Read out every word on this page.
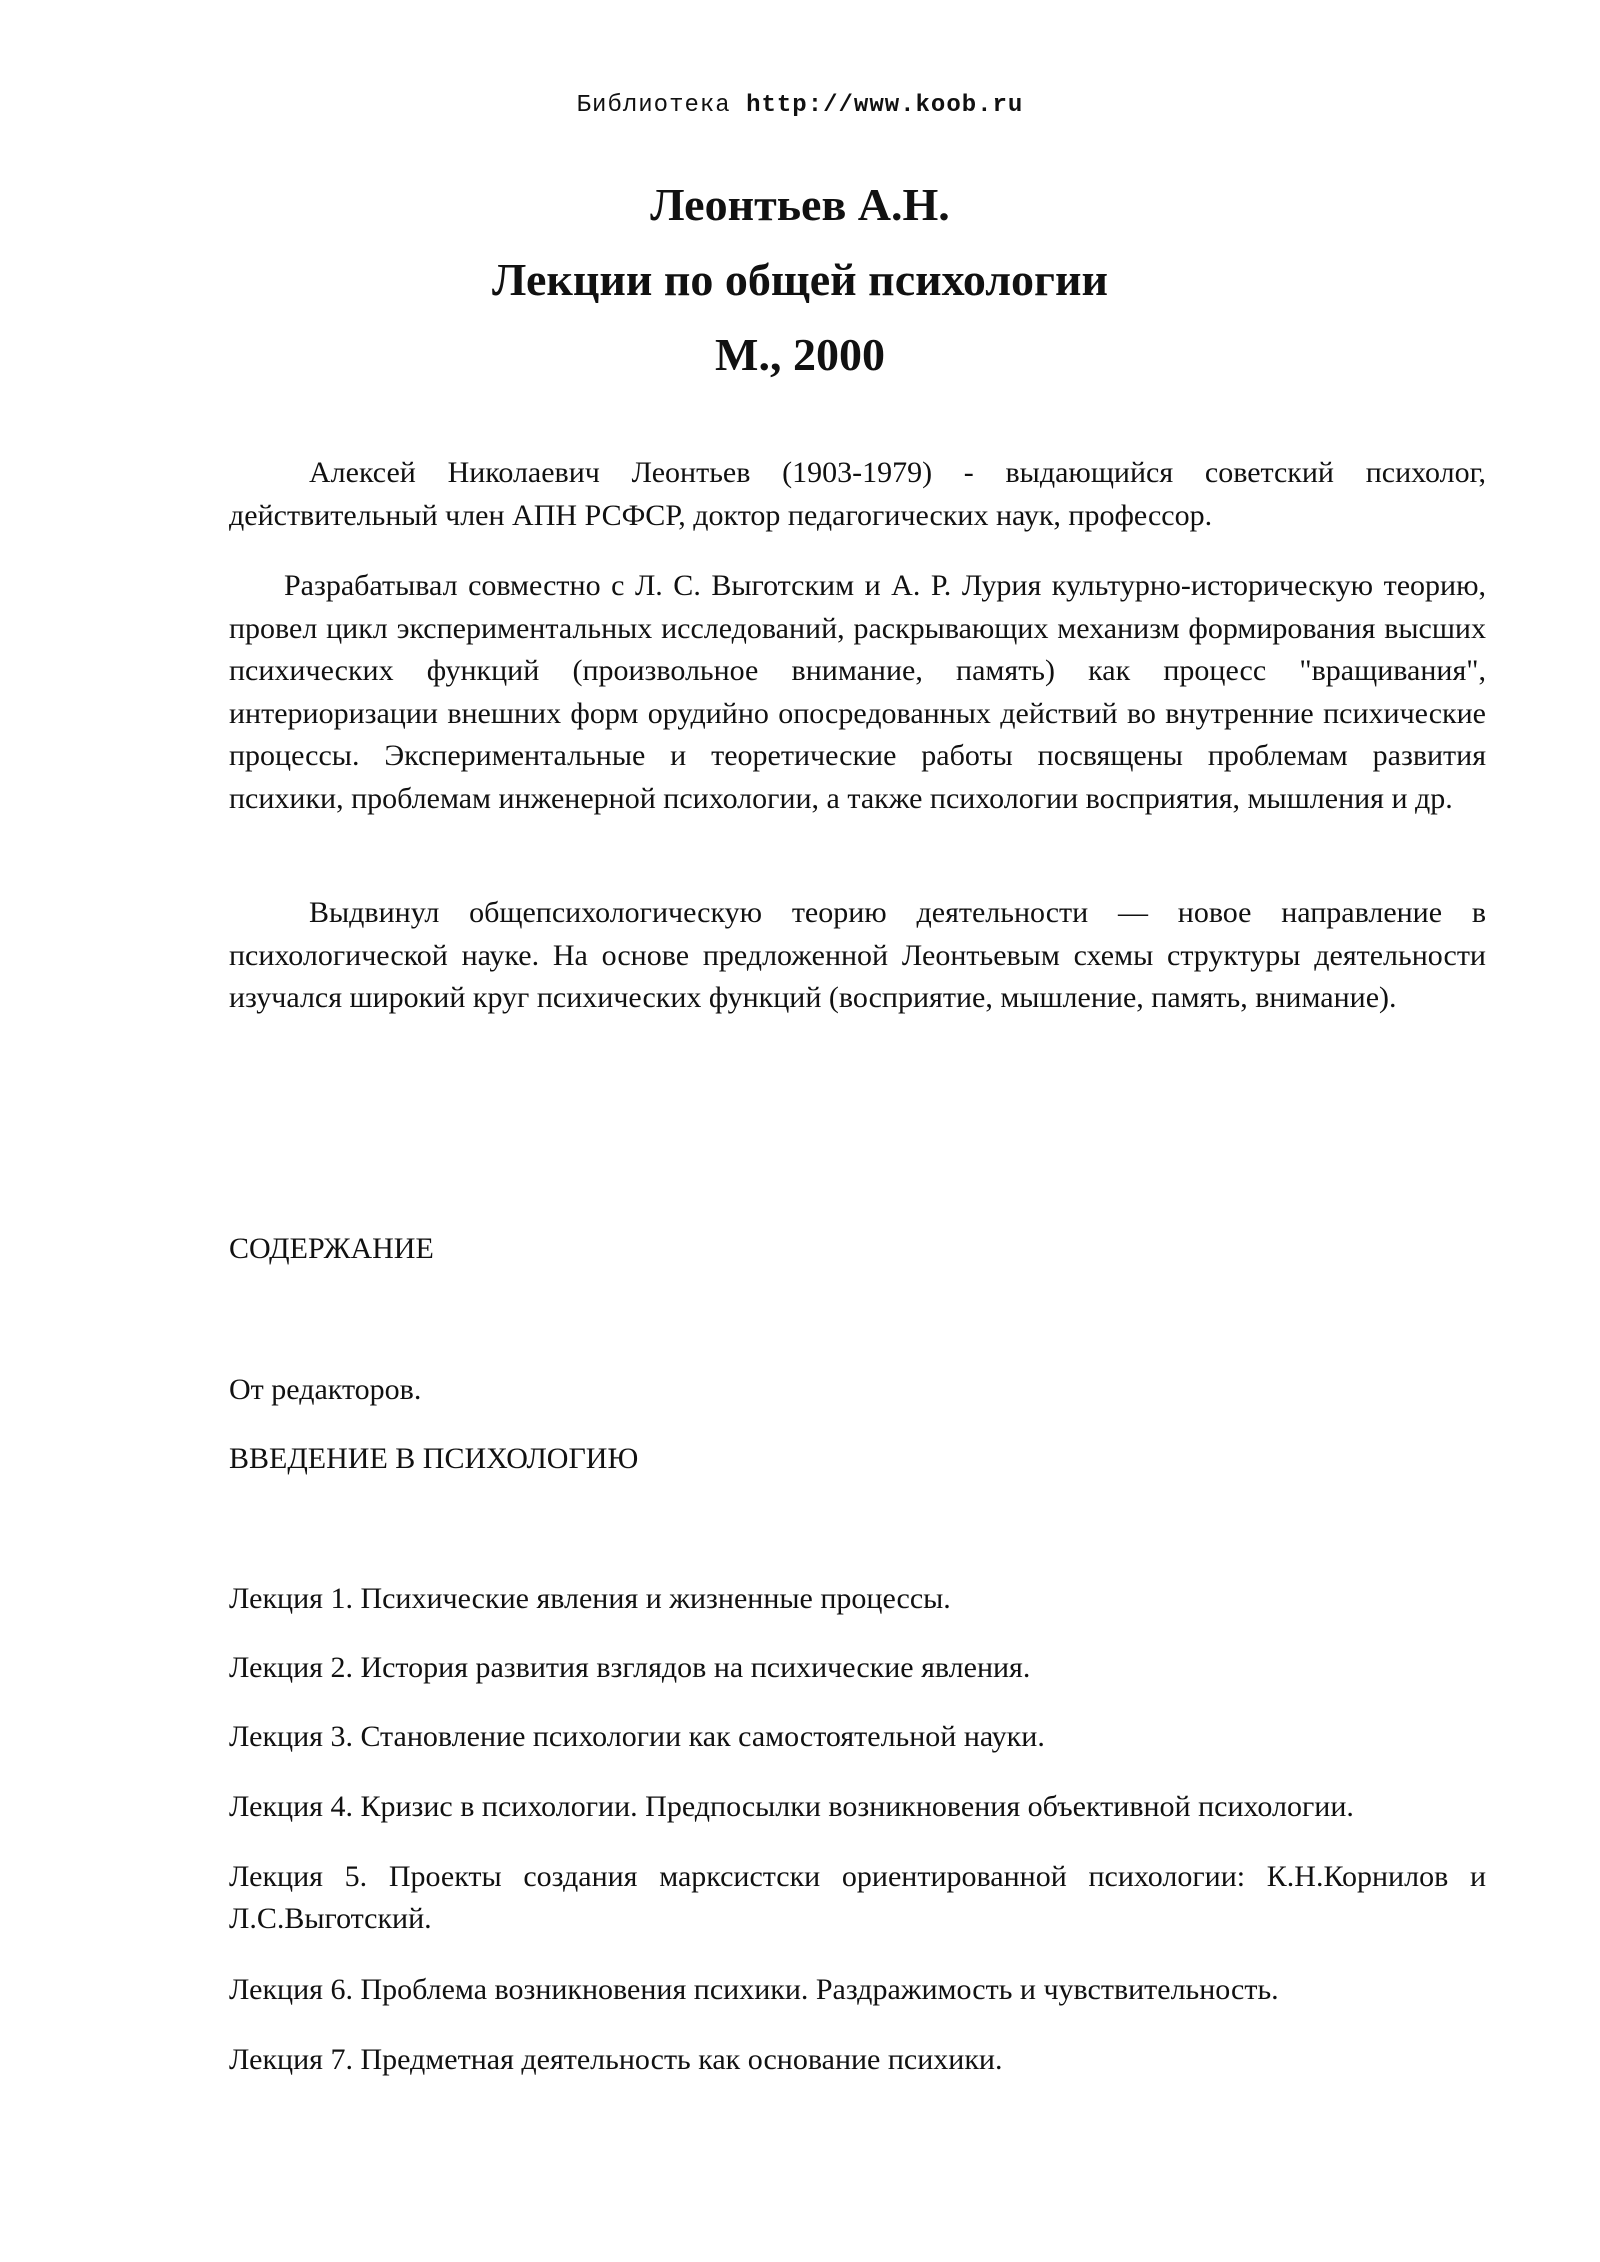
Библиотека http://www.koob.ru
Леонтьев А.Н.
Лекции по общей психологии
М., 2000

Алексей Николаевич Леонтьев (1903-1979) - выдающийся советский психолог, действительный член АПН РСФСР, доктор педагогических наук, профессор.

Разрабатывал совместно с Л. С. Выготским и А. Р. Лурия культурно-историческую теорию, провел цикл экспериментальных исследований, раскрывающих механизм формирования высших психических функций (произвольное внимание, память) как процесс "вращивания", интериоризации внешних форм орудийно опосредованных действий во внутренние психические процессы. Экспериментальные и теоретические работы посвящены проблемам развития психики, проблемам инженерной психологии, а также психологии восприятия, мышления и др.

Выдвинул общепсихологическую теорию деятельности — новое направление в психологической науке. На основе предложенной Леонтьевым схемы структуры деятельности изучался широкий круг психических функций (восприятие, мышление, память, внимание).

СОДЕРЖАНИЕ

От редакторов.

ВВЕДЕНИЕ В ПСИХОЛОГИЮ

Лекция 1. Психические явления и жизненные процессы.

Лекция 2. История развития взглядов на психические явления.

Лекция 3. Становление психологии как самостоятельной науки.

Лекция 4. Кризис в психологии. Предпосылки возникновения объективной психологии.

Лекция 5. Проекты создания марксистски ориентированной психологии: К.Н.Корнилов и Л.С.Выготский.

Лекция 6. Проблема возникновения психики. Раздражимость и чувствительность.

Лекция 7. Предметная деятельность как основание психики.
